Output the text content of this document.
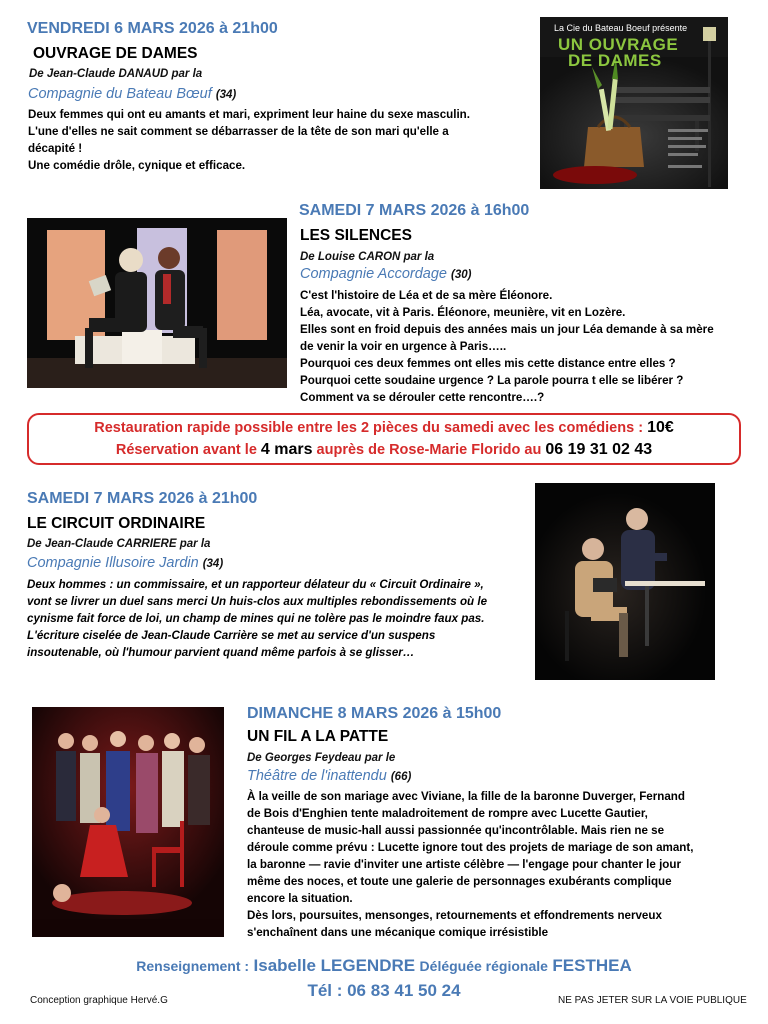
VENDREDI 6 MARS 2026 à 21h00
OUVRAGE DE DAMES
De Jean-Claude DANAUD par la
Compagnie du Bateau Bœuf (34)
Deux femmes qui ont eu amants et mari, expriment leur haine du sexe masculin.
L'une d'elles ne sait comment se débarrasser de la tête de son mari qu'elle a
décapité !
Une comédie drôle, cynique et efficace.
La Cie du Bateau Boeuf présente
UN OUVRAGE
DE DAMES
SAMEDI 7 MARS 2026 à 16h00
LES SILENCES
De Louise CARON par la
Compagnie Accordage (30)
C'est l'histoire de Léa et de sa mère Éléonore.
Léa, avocate, vit à Paris. Éléonore, meunière, vit en Lozère.
Elles sont en froid depuis des années mais un jour Léa demande à sa mère
de venir la voir en urgence à Paris…..
Pourquoi ces deux femmes ont elles mis cette distance entre elles ?
Pourquoi cette soudaine urgence ? La parole pourra t elle se libérer ?
Comment va se dérouler cette rencontre….?
Restauration rapide possible entre les 2 pièces du samedi avec les comédiens : 10€
Réservation avant le 4 mars auprès de Rose-Marie Florido au 06 19 31 02 43
SAMEDI 7 MARS 2026 à 21h00
LE CIRCUIT ORDINAIRE
De Jean-Claude CARRIERE par la
Compagnie Illusoire Jardin (34)
Deux hommes : un commissaire, et un rapporteur délateur du « Circuit Ordinaire »,
vont se livrer un duel sans merci Un huis-clos aux multiples rebondissements où le
cynisme fait force de loi, un champ de mines qui ne tolère pas le moindre faux pas.
L'écriture ciselée de Jean-Claude Carrière se met au service d'un suspens
insoutenable, où l'humour parvient quand même parfois à se glisser…
DIMANCHE 8 MARS 2026 à 15h00
UN FIL A LA PATTE
De Georges Feydeau par le
Théâtre de l'inattendu (66)
À la veille de son mariage avec Viviane, la fille de la baronne Duverger, Fernand
de Bois d'Enghien tente maladroitement de rompre avec Lucette Gautier,
chanteuse de music-hall aussi passionnée qu'incontrôlable. Mais rien ne se
déroule comme prévu : Lucette ignore tout des projets de mariage de son amant,
la baronne — ravie d'inviter une artiste célèbre — l'engage pour chanter le jour
même des noces, et toute une galerie de personnages exubérants complique
encore la situation.
Dès lors, poursuites, mensonges, retournements et effondrements nerveux
s'enchaînent dans une mécanique comique irrésistible
Renseignement : Isabelle LEGENDRE Déléguée régionale FESTHEA
Tél : 06 83 41 50 24
Conception graphique Hervé.G	NE PAS JETER SUR LA VOIE PUBLIQUE
